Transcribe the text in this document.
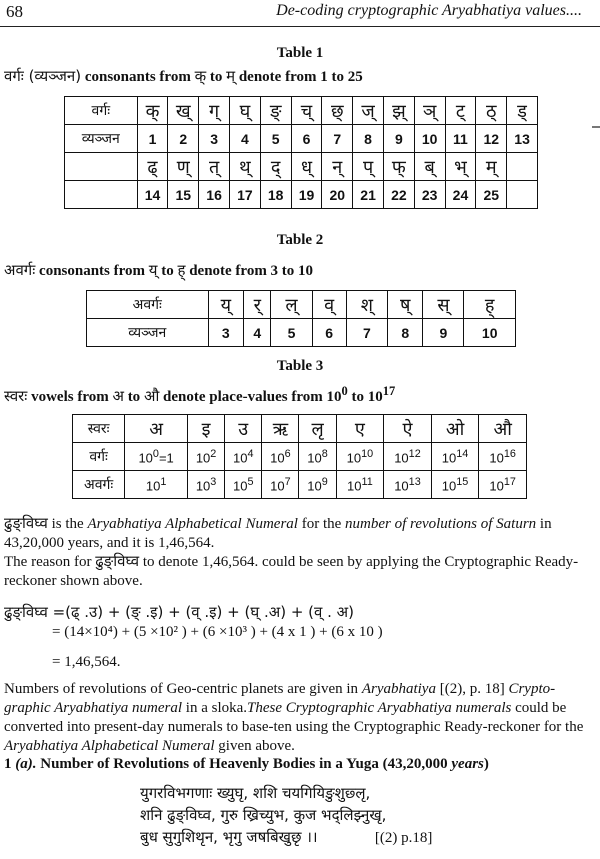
68	De-coding cryptographic Aryabhatiya values....
Table 1
वर्गः (व्यञ्जन) consonants from क् to म् denote from 1 to 25
वर्गः	क्	ख्	ग्	घ्	ङ्	च्	छ्	ज्	झ्	ञ्	ट्	ठ्	ड्
व्यञ्जन	1	2	3	4	5	6	7	8	9	10	11	12	13
	ढ्	ण्	त्	थ्	द्	ध्	न्	प्	फ्	ब्	भ्	म्	
	14	15	16	17	18	19	20	21	22	23	24	25	
Table 2
अवर्गः consonants from य् to ह् denote from 3 to 10
अवर्गः	य्	र्	ल्	व्	श्	ष्	स्	ह्
व्यञ्जन	3	4	5	6	7	8	9	10
Table 3
स्वरः vowels from अ to औ denote place-values from $10^0$ to $10^{17}$
स्वरः	अ	इ	उ	ऋ	लृ	ए	ऐ	ओ	औ
वर्गः	$10^0=1$	$10^2$	$10^4$	$10^6$	$10^8$	$10^{10}$	$10^{12}$	$10^{14}$	$10^{16}$
अवर्गः	$10^1$	$10^3$	$10^5$	$10^7$	$10^9$	$10^{11}$	$10^{13}$	$10^{15}$	$10^{17}$
ढुङ्विघ्व is the Aryabhatiya Alphabetical Numeral for the number of revolutions of Saturn in 43,20,000 years, and it is 1,46,564.
The reason for ढुङ्विघ्व to denote 1,46,564. could be seen by applying the Cryptographic Ready-reckoner shown above.
ढुङ्विघ्व =(ढ् .उ) + (ङ् .इ) + (व् .इ) + (घ् .अ) + (व् . अ)
= (14×10⁴) + (5 ×10² ) + (6 ×10³ ) + (4 x 1 ) + (6 x 10 )
= 1,46,564.
Numbers of revolutions of Geo-centric planets are given in Aryabhatiya [(2), p. 18] Crypto-graphic Aryabhatiya numeral in a sloka.These Cryptographic Aryabhatiya numerals could be converted into present-day numerals to base-ten using the Cryptographic Ready-reckoner for the Aryabhatiya Alphabetical Numeral given above.
1 (a). Number of Revolutions of Heavenly Bodies in a Yuga (43,20,000 years)
युगरविभगणाः ख्युघृ, शशि चयगियिङुशुछ्लृ,
शनि ढुङ्विघ्व, गुरु ख्रिच्युभ, कुज भद्लिझ्नुखृ,
बुध सुगुशिथृन, भृगु जषबिखुछृ ।।	[(2) p.18]
